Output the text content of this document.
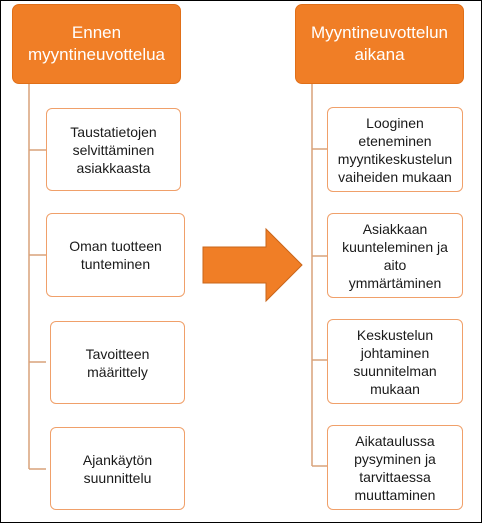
Ennen
myyntineuvottelua
Taustatietojen
selvittäminen
asiakkaasta
Oman tuotteen
tunteminen
Tavoitteen
määrittely
Ajankäytön
suunnittelu
Myyntineuvottelun
aikana
Looginen
eteneminen
myyntikeskustelun
vaiheiden mukaan
Asiakkaan
kuunteleminen ja
aito
ymmärtäminen
Keskustelun
johtaminen
suunnitelman
mukaan
Aikataulussa
pysyminen ja
tarvittaessa
muuttaminen
